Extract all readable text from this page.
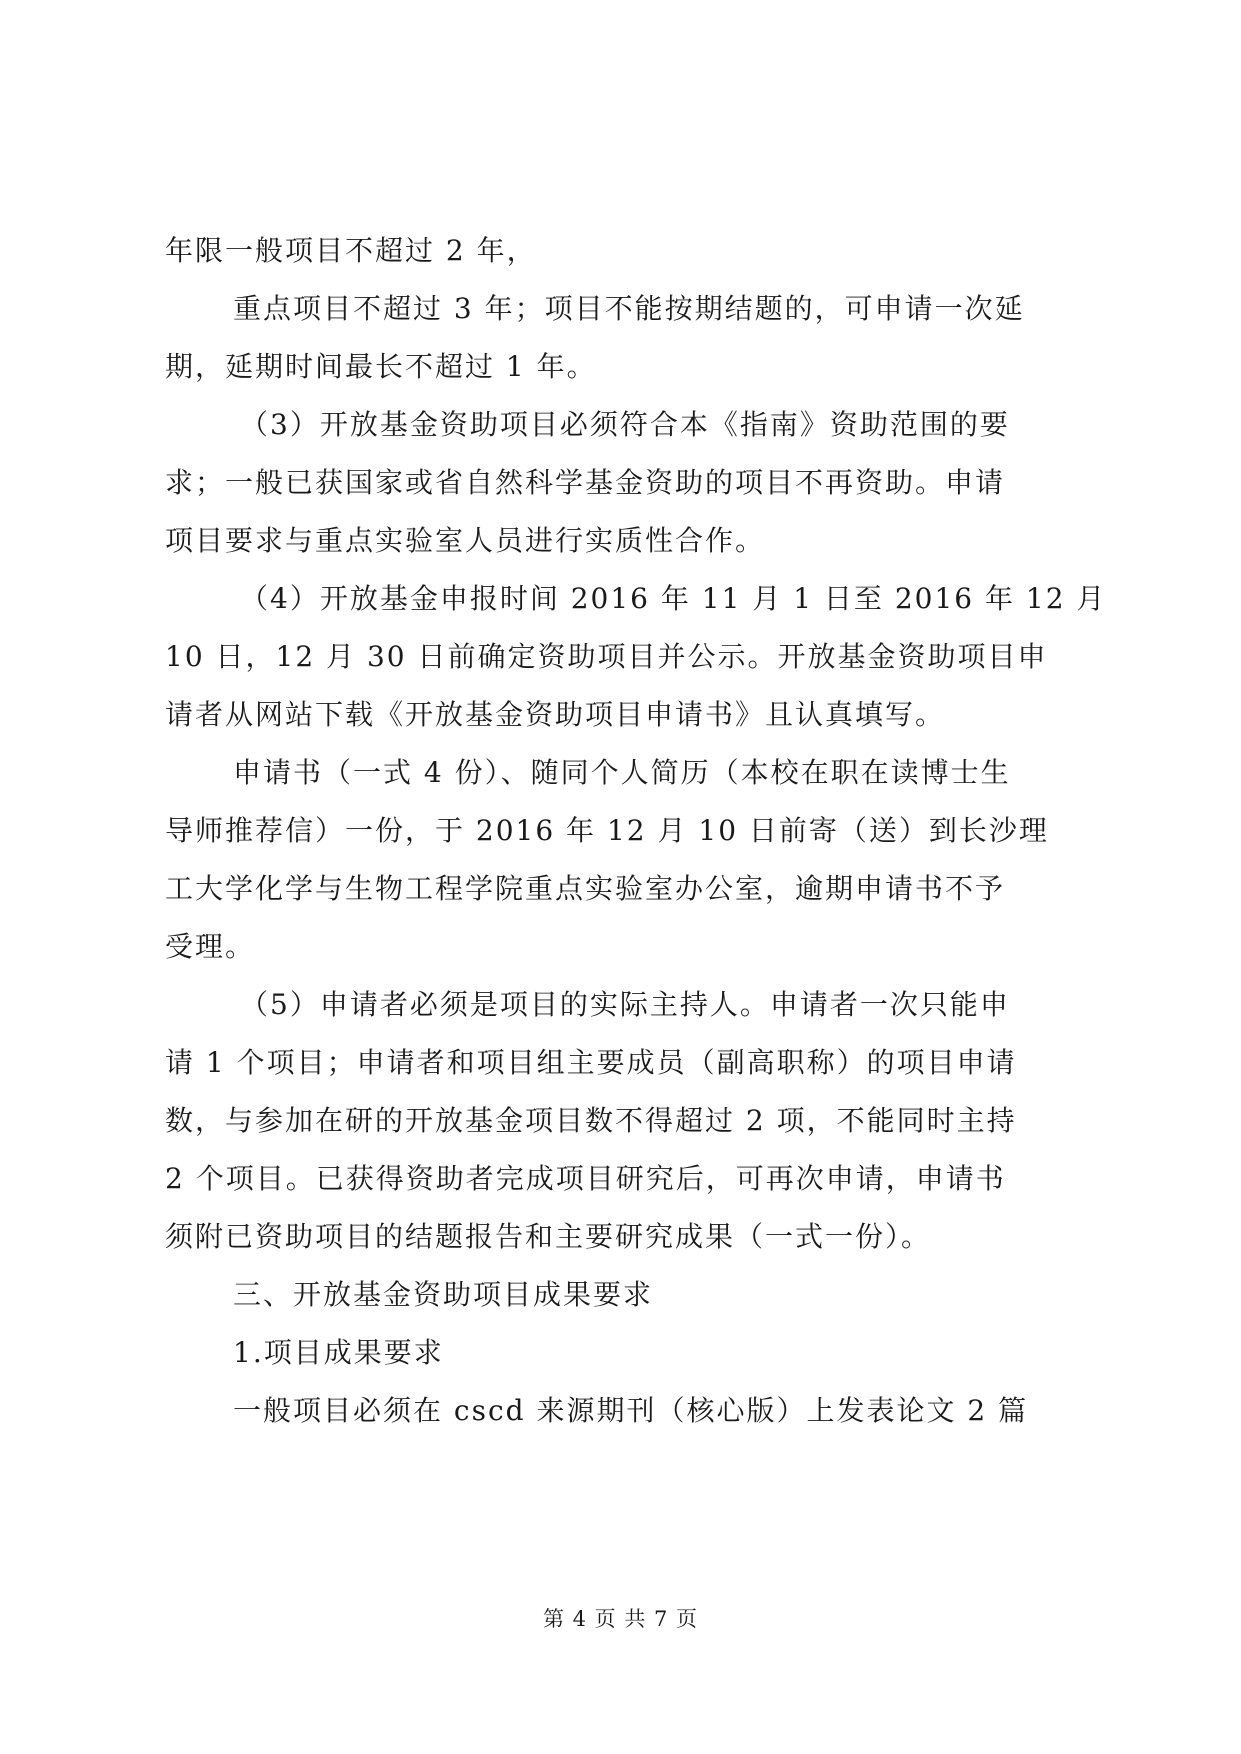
年限一般项目不超过 2 年，
重点项目不超过 3 年；项目不能按期结题的，可申请一次延
期，延期时间最长不超过 1 年。
（3）开放基金资助项目必须符合本《指南》资助范围的要
求；一般已获国家或省自然科学基金资助的项目不再资助。申请
项目要求与重点实验室人员进行实质性合作。
（4）开放基金申报时间 2016 年 11 月 1 日至 2016 年 12 月
10 日，12 月 30 日前确定资助项目并公示。开放基金资助项目申
请者从网站下载《开放基金资助项目申请书》且认真填写。
申请书（一式 4 份）、随同个人简历（本校在职在读博士生
导师推荐信）一份，于 2016 年 12 月 10 日前寄（送）到长沙理
工大学化学与生物工程学院重点实验室办公室，逾期申请书不予
受理。
（5）申请者必须是项目的实际主持人。申请者一次只能申
请 1 个项目；申请者和项目组主要成员（副高职称）的项目申请
数，与参加在研的开放基金项目数不得超过 2 项，不能同时主持
2 个项目。已获得资助者完成项目研究后，可再次申请，申请书
须附已资助项目的结题报告和主要研究成果（一式一份）。
三、开放基金资助项目成果要求
1.项目成果要求
一般项目必须在 cscd 来源期刊（核心版）上发表论文 2 篇
第 4 页 共 7 页
